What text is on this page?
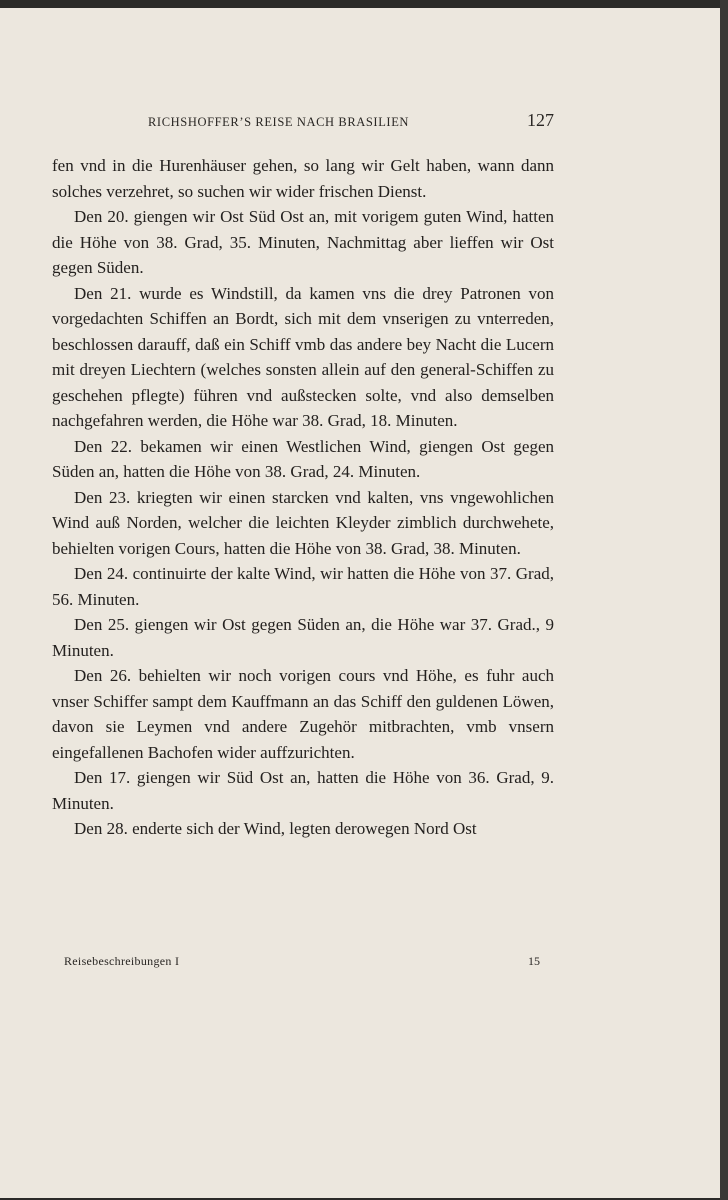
RICHSHOFFER’S REISE NACH BRASILIEN	127

fen vnd in die Hurenhäuser gehen, so lang wir Gelt haben, wann dann solches verzehret, so suchen wir wider frischen Dienst.

Den 20. giengen wir Ost Süd Ost an, mit vorigem guten Wind, hatten die Höhe von 38. Grad, 35. Minuten, Nachmittag aber lieffen wir Ost gegen Süden.

Den 21. wurde es Windstill, da kamen vns die drey Patronen von vorgedachten Schiffen an Bordt, sich mit dem vnserigen zu vnterreden, beschlossen darauff, daß ein Schiff vmb das andere bey Nacht die Lucern mit dreyen Liechtern (welches sonsten allein auf den general-Schiffen zu geschehen pflegte) führen vnd außstecken solte, vnd also demselben nachgefahren werden, die Höhe war 38. Grad, 18. Minuten.

Den 22. bekamen wir einen Westlichen Wind, giengen Ost gegen Süden an, hatten die Höhe von 38. Grad, 24. Minuten.

Den 23. kriegten wir einen starcken vnd kalten, vns vngewohlichen Wind auß Norden, welcher die leichten Kleyder zimblich durchwehete, behielten vorigen Cours, hatten die Höhe von 38. Grad, 38. Minuten.

Den 24. continuirte der kalte Wind, wir hatten die Höhe von 37. Grad, 56. Minuten.

Den 25. giengen wir Ost gegen Süden an, die Höhe war 37. Grad., 9 Minuten.

Den 26. behielten wir noch vorigen cours vnd Höhe, es fuhr auch vnser Schiffer sampt dem Kauffmann an das Schiff den guldenen Löwen, davon sie Leymen vnd andere Zugehör mitbrachten, vmb vnsern eingefallenen Bachofen wider auffzurichten.

Den 17. giengen wir Süd Ost an, hatten die Höhe von 36. Grad, 9. Minuten.

Den 28. enderte sich der Wind, legten derowegen Nord Ost

Reisebeschreibungen I	15
